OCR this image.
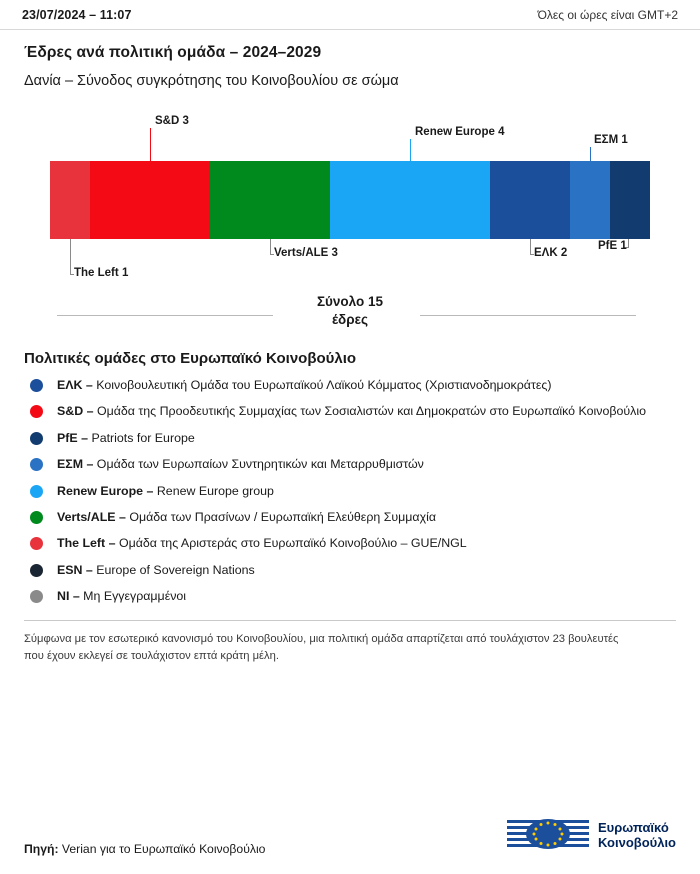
23/07/2024 – 11:07	Όλες οι ώρες είναι GMT+2
Έδρες ανά πολιτική ομάδα – 2024–2029
Δανία – Σύνοδος συγκρότησης του Κοινοβουλίου σε σώμα
S&D 3
Renew Europe 4
ΕΣΜ 1
The Left 1
Verts/ALE 3	ΕΛΚ 2
PfE 1
Σύνολο 15
έδρες
Πολιτικές ομάδες στο Ευρωπαϊκό Κοινοβούλιο
ΕΛΚ – Κοινοβουλευτική Ομάδα του Ευρωπαϊκού Λαϊκού Κόμματος (Χριστιανοδημοκράτες)
S&D – Ομάδα της Προοδευτικής Συμμαχίας των Σοσιαλιστών και Δημοκρατών στο Ευρωπαϊκό Κοινοβούλιο
PfE – Patriots for Europe
ΕΣΜ – Ομάδα των Ευρωπαίων Συντηρητικών και Μεταρρυθμιστών
Renew Europe – Renew Europe group
Verts/ALE – Ομάδα των Πρασίνων / Ευρωπαϊκή Ελεύθερη Συμμαχία
The Left – Ομάδα της Αριστεράς στο Ευρωπαϊκό Κοινοβούλιο – GUE/NGL
ESN – Europe of Sovereign Nations
NI – Μη Εγγεγραμμένοι
Σύμφωνα με τον εσωτερικό κανονισμό του Κοινοβουλίου, μια πολιτική ομάδα απαρτίζεται από τουλάχιστον 23 βουλευτές που έχουν εκλεγεί σε τουλάχιστον επτά κράτη μέλη.
Πηγή: Verian για το Ευρωπαϊκό Κοινοβούλιο
Ευρωπαϊκό
Κοινοβούλιο
